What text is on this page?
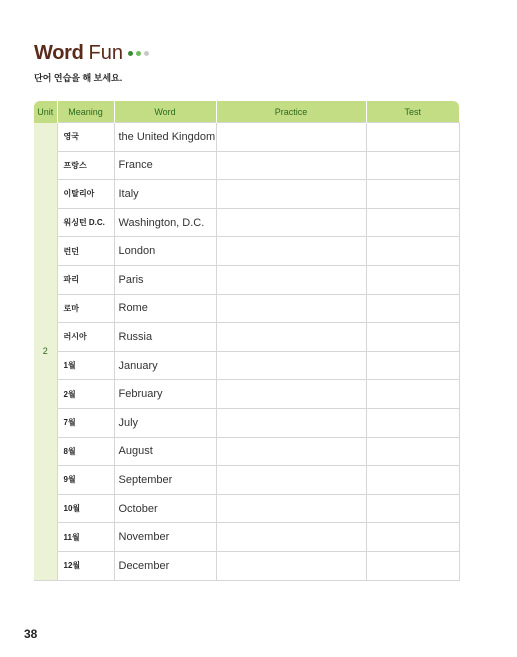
Word Fun
단어 연습을 해 보세요.
Unit	Meaning	Word	Practice	Test
2	영국	the United Kingdom		
	프랑스	France		
	이탈리아	Italy		
	워싱턴 D.C.	Washington, D.C.		
	런던	London		
	파리	Paris		
	로마	Rome		
	러시아	Russia		
	1월	January		
	2월	February		
	7월	July		
	8월	August		
	9월	September		
	10월	October		
	11월	November		
	12월	December		
38
